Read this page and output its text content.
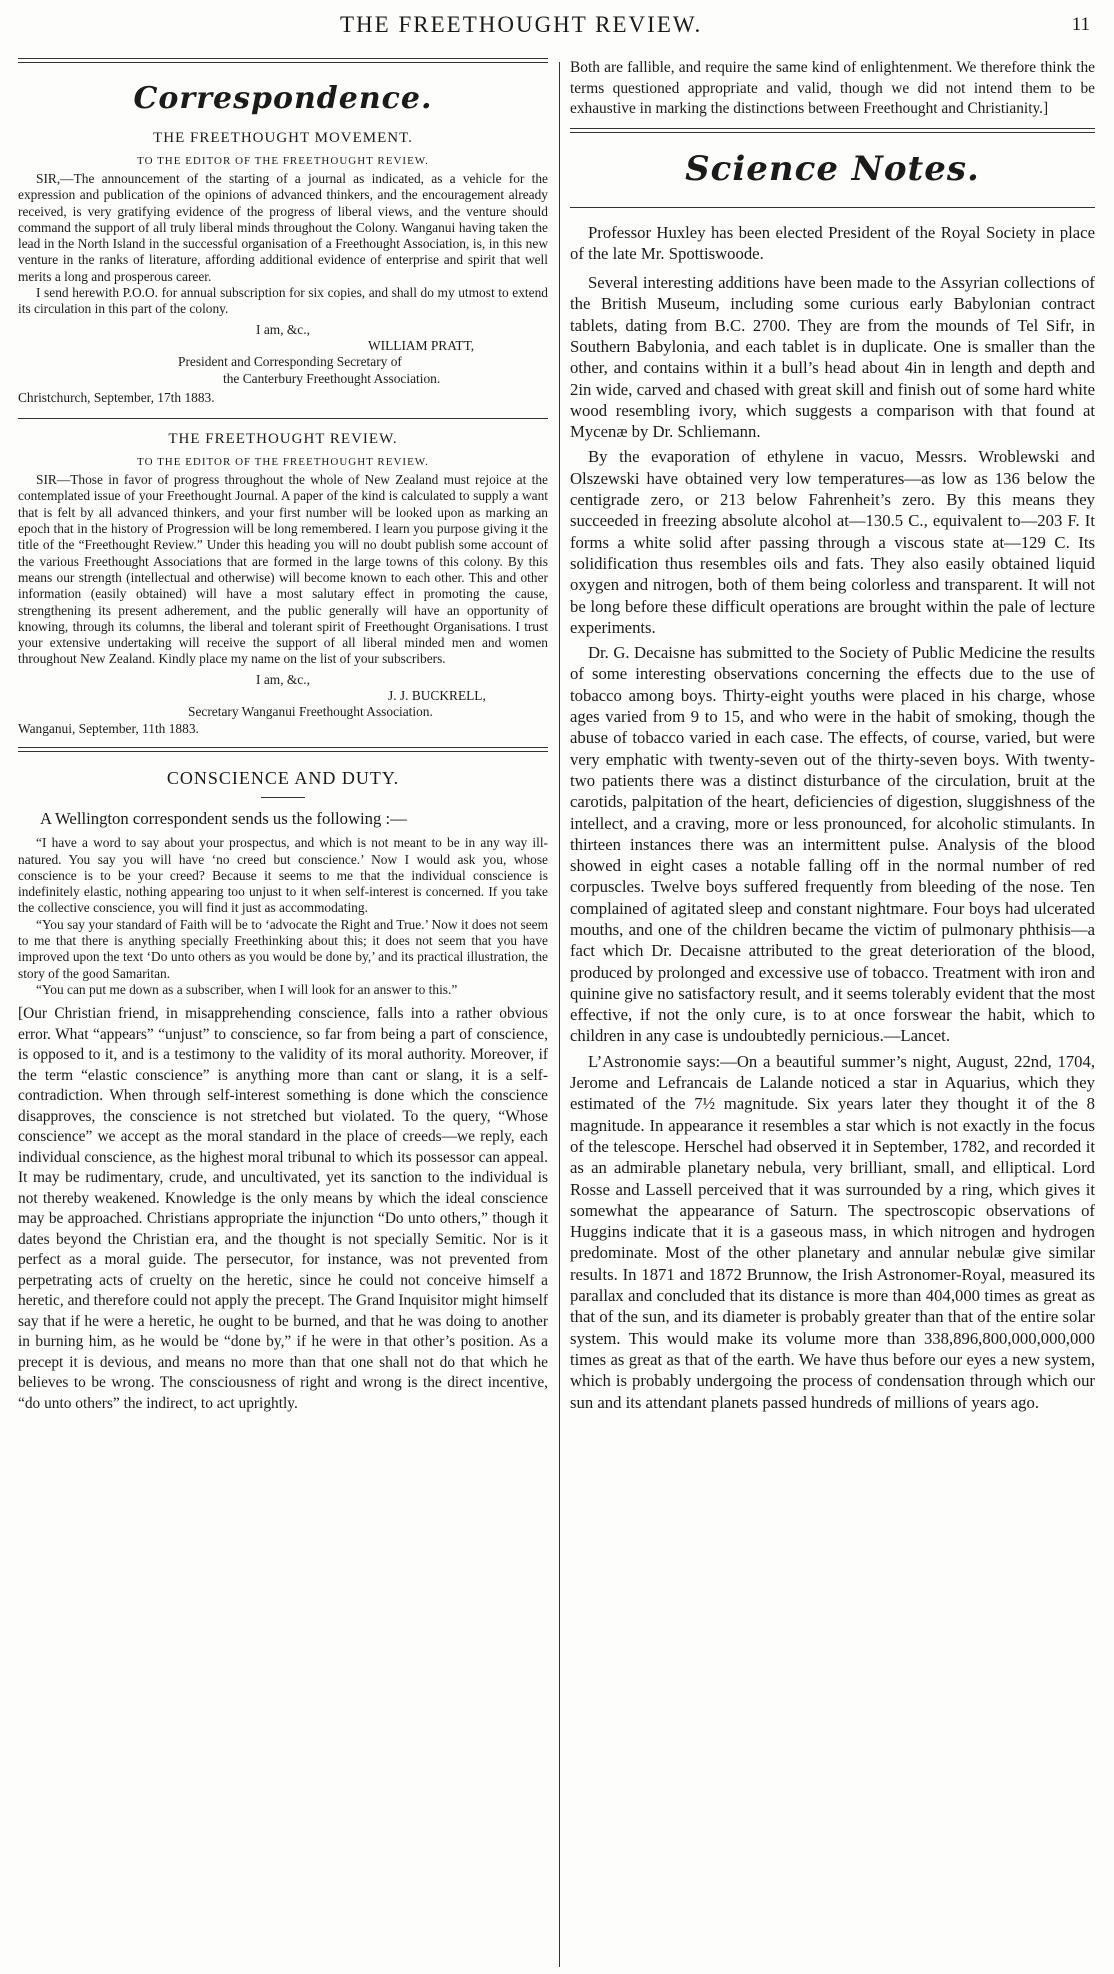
THE FREETHOUGHT REVIEW.	11
Correspondence.
THE FREETHOUGHT MOVEMENT.
TO THE EDITOR OF THE FREETHOUGHT REVIEW.

SIR,—The announcement of the starting of a journal as indicated, as a vehicle for the expression and publication of the opinions of advanced thinkers, and the encouragement already received, is very gratifying evidence of the progress of liberal views, and the venture should command the support of all truly liberal minds throughout the Colony. Wanganui having taken the lead in the North Island in the successful organisation of a Freethought Association, is, in this new venture in the ranks of literature, affording additional evidence of enterprise and spirit that well merits a long and prosperous career.

I send herewith P.O.O. for annual subscription for six copies, and shall do my utmost to extend its circulation in this part of the colony.

I am, &c.,
WILLIAM PRATT,
President and Corresponding Secretary of
the Canterbury Freethought Association.
Christchurch, September, 17th 1883.
THE FREETHOUGHT REVIEW.
TO THE EDITOR OF THE FREETHOUGHT REVIEW.

SIR—Those in favor of progress throughout the whole of New Zealand must rejoice at the contemplated issue of your Freethought Journal. A paper of the kind is calculated to supply a want that is felt by all advanced thinkers, and your first number will be looked upon as marking an epoch that in the history of Progression will be long remembered. I learn you purpose giving it the title of the “Freethought Review.” Under this heading you will no doubt publish some account of the various Freethought Associations that are formed in the large towns of this colony. By this means our strength (intellectual and otherwise) will become known to each other. This and other information (easily obtained) will have a most salutary effect in promoting the cause, strengthening its present adherement, and the public generally will have an opportunity of knowing, through its columns, the liberal and tolerant spirit of Freethought Organisations. I trust your extensive undertaking will receive the support of all liberal minded men and women throughout New Zealand. Kindly place my name on the list of your subscribers.

I am, &c.,
J. J. BUCKRELL,
Secretary Wanganui Freethought Association.
Wanganui, September, 11th 1883.
CONSCIENCE AND DUTY.

A Wellington correspondent sends us the following :—

“I have a word to say about your prospectus, and which is not meant to be in any way ill-natured. You say you will have ‘no creed but conscience.’ Now I would ask you, whose conscience is to be your creed? Because it seems to me that the individual conscience is indefinitely elastic, nothing appearing too unjust to it when self-interest is concerned. If you take the collective conscience, you will find it just as accommodating.

“You say your standard of Faith will be to ‘advocate the Right and True.’ Now it does not seem to me that there is anything specially Freethinking about this; it does not seem that you have improved upon the text ‘Do unto others as you would be done by,’ and its practical illustration, the story of the good Samaritan.

“You can put me down as a subscriber, when I will look for an answer to this.”

[Our Christian friend, in misapprehending conscience, falls into a rather obvious error. What “appears” “unjust” to conscience, so far from being a part of conscience, is opposed to it, and is a testimony to the validity of its moral authority. Moreover, if the term “elastic conscience” is anything more than cant or slang, it is a self-contradiction. When through self-interest something is done which the conscience disapproves, the conscience is not stretched but violated. To the query, “Whose conscience” we accept as the moral standard in the place of creeds—we reply, each individual conscience, as the highest moral tribunal to which its possessor can appeal. It may be rudimentary, crude, and uncultivated, yet its sanction to the individual is not thereby weakened. Knowledge is the only means by which the ideal conscience may be approached. Christians appropriate the injunction “Do unto others,” though it dates beyond the Christian era, and the thought is not specially Semitic. Nor is it perfect as a moral guide. The persecutor, for instance, was not prevented from perpetrating acts of cruelty on the heretic, since he could not conceive himself a heretic, and therefore could not apply the precept. The Grand Inquisitor might himself say that if he were a heretic, he ought to be burned, and that he was doing to another in burning him, as he would be “done by,” if he were in that other’s position. As a precept it is devious, and means no more than that one shall not do that which he believes to be wrong. The consciousness of right and wrong is the direct incentive, “do unto others” the indirect, to act uprightly.

Both are fallible, and require the same kind of enlightenment. We therefore think the terms questioned appropriate and valid, though we did not intend them to be exhaustive in marking the distinctions between Freethought and Christianity.]

Science Notes.

Professor Huxley has been elected President of the Royal Society in place of the late Mr. Spottiswoode.

Several interesting additions have been made to the Assyrian collections of the British Museum, including some curious early Babylonian contract tablets, dating from B.C. 2700. They are from the mounds of Tel Sifr, in Southern Babylonia, and each tablet is in duplicate. One is smaller than the other, and contains within it a bull’s head about 4in in length and depth and 2in wide, carved and chased with great skill and finish out of some hard white wood resembling ivory, which suggests a comparison with that found at Mycenæ by Dr. Schliemann.

By the evaporation of ethylene in vacuo, Messrs. Wroblewski and Olszewski have obtained very low temperatures—as low as 136 below the centigrade zero, or 213 below Fahrenheit’s zero. By this means they succeeded in freezing absolute alcohol at—130.5 C., equivalent to—203 F. It forms a white solid after passing through a viscous state at—129 C. Its solidification thus resembles oils and fats. They also easily obtained liquid oxygen and nitrogen, both of them being colorless and transparent. It will not be long before these difficult operations are brought within the pale of lecture experiments.

Dr. G. Decaisne has submitted to the Society of Public Medicine the results of some interesting observations concerning the effects due to the use of tobacco among boys. Thirty-eight youths were placed in his charge, whose ages varied from 9 to 15, and who were in the habit of smoking, though the abuse of tobacco varied in each case. The effects, of course, varied, but were very emphatic with twenty-seven out of the thirty-seven boys. With twenty-two patients there was a distinct disturbance of the circulation, bruit at the carotids, palpitation of the heart, deficiencies of digestion, sluggishness of the intellect, and a craving, more or less pronounced, for alcoholic stimulants. In thirteen instances there was an intermittent pulse. Analysis of the blood showed in eight cases a notable falling off in the normal number of red corpuscles. Twelve boys suffered frequently from bleeding of the nose. Ten complained of agitated sleep and constant nightmare. Four boys had ulcerated mouths, and one of the children became the victim of pulmonary phthisis—a fact which Dr. Decaisne attributed to the great deterioration of the blood, produced by prolonged and excessive use of tobacco. Treatment with iron and quinine give no satisfactory result, and it seems tolerably evident that the most effective, if not the only cure, is to at once forswear the habit, which to children in any case is undoubtedly pernicious.—Lancet.

L’Astronomie says:—On a beautiful summer’s night, August, 22nd, 1704, Jerome and Lefrancais de Lalande noticed a star in Aquarius, which they estimated of the 7½ magnitude. Six years later they thought it of the 8 magnitude. In appearance it resembles a star which is not exactly in the focus of the telescope. Herschel had observed it in September, 1782, and recorded it as an admirable planetary nebula, very brilliant, small, and elliptical. Lord Rosse and Lassell perceived that it was surrounded by a ring, which gives it somewhat the appearance of Saturn. The spectroscopic observations of Huggins indicate that it is a gaseous mass, in which nitrogen and hydrogen predominate. Most of the other planetary and annular nebulæ give similar results. In 1871 and 1872 Brunnow, the Irish Astronomer-Royal, measured its parallax and concluded that its distance is more than 404,000 times as great as that of the sun, and its diameter is probably greater than that of the entire solar system. This would make its volume more than 338,896,800,000,000,000 times as great as that of the earth. We have thus before our eyes a new system, which is probably undergoing the process of condensation through which our sun and its attendant planets passed hundreds of millions of years ago.
